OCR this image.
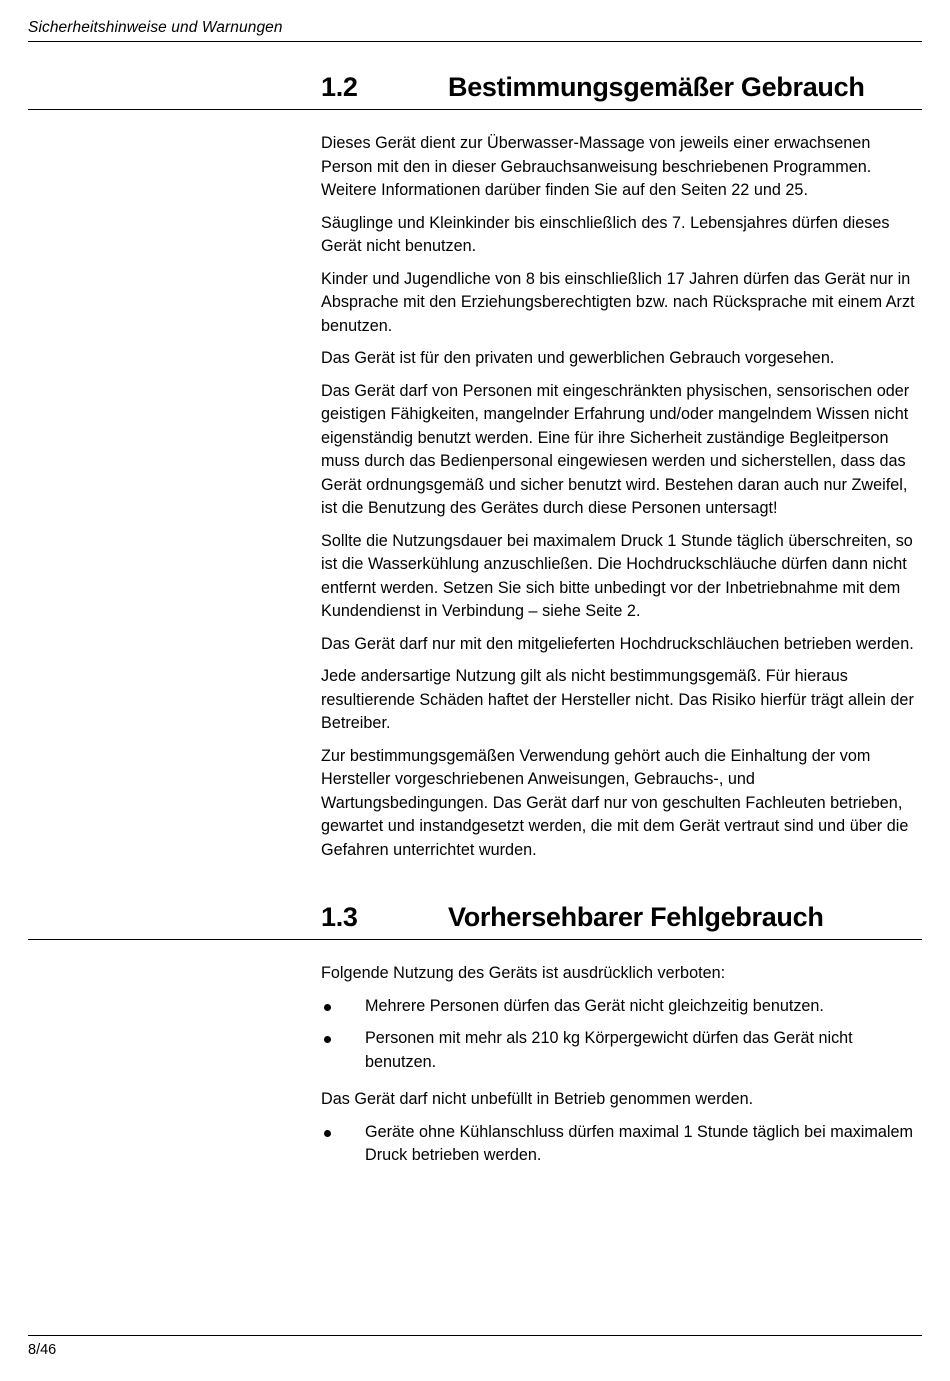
Sicherheitshinweise und Warnungen
1.2	Bestimmungsgemäßer Gebrauch

Dieses Gerät dient zur Überwasser-Massage von jeweils einer erwachsenen Person mit den in dieser Gebrauchsanweisung beschriebenen Programmen. Weitere Informationen darüber finden Sie auf den Seiten 22 und 25.

Säuglinge und Kleinkinder bis einschließlich des 7. Lebensjahres dürfen dieses Gerät nicht benutzen.

Kinder und Jugendliche von 8 bis einschließlich 17 Jahren dürfen das Gerät nur in Absprache mit den Erziehungsberechtigten bzw. nach Rücksprache mit einem Arzt benutzen.

Das Gerät ist für den privaten und gewerblichen Gebrauch vorgesehen.

Das Gerät darf von Personen mit eingeschränkten physischen, sensorischen oder geistigen Fähigkeiten, mangelnder Erfahrung und/oder mangelndem Wissen nicht eigenständig benutzt werden. Eine für ihre Sicherheit zuständige Begleitperson muss durch das Bedienpersonal eingewiesen werden und sicherstellen, dass das Gerät ordnungsgemäß und sicher benutzt wird. Bestehen daran auch nur Zweifel, ist die Benutzung des Gerätes durch diese Personen untersagt!

Sollte die Nutzungsdauer bei maximalem Druck 1 Stunde täglich überschreiten, so ist die Wasserkühlung anzuschließen. Die Hochdruckschläuche dürfen dann nicht entfernt werden. Setzen Sie sich bitte unbedingt vor der Inbetriebnahme mit dem Kundendienst in Verbindung – siehe Seite 2.

Das Gerät darf nur mit den mitgelieferten Hochdruckschläuchen betrieben werden.

Jede andersartige Nutzung gilt als nicht bestimmungsgemäß. Für hieraus resultierende Schäden haftet der Hersteller nicht. Das Risiko hierfür trägt allein der Betreiber.

Zur bestimmungsgemäßen Verwendung gehört auch die Einhaltung der vom Hersteller vorgeschriebenen Anweisungen, Gebrauchs-, und Wartungsbedingungen. Das Gerät darf nur von geschulten Fachleuten betrieben, gewartet und instandgesetzt werden, die mit dem Gerät vertraut sind und über die Gefahren unterrichtet wurden.

1.3	Vorhersehbarer Fehlgebrauch

Folgende Nutzung des Geräts ist ausdrücklich verboten:

Mehrere Personen dürfen das Gerät nicht gleichzeitig benutzen.
Personen mit mehr als 210 kg Körpergewicht dürfen das Gerät nicht benutzen.

Das Gerät darf nicht unbefüllt in Betrieb genommen werden.

Geräte ohne Kühlanschluss dürfen maximal 1 Stunde täglich bei maximalem Druck betrieben werden.
8/46
